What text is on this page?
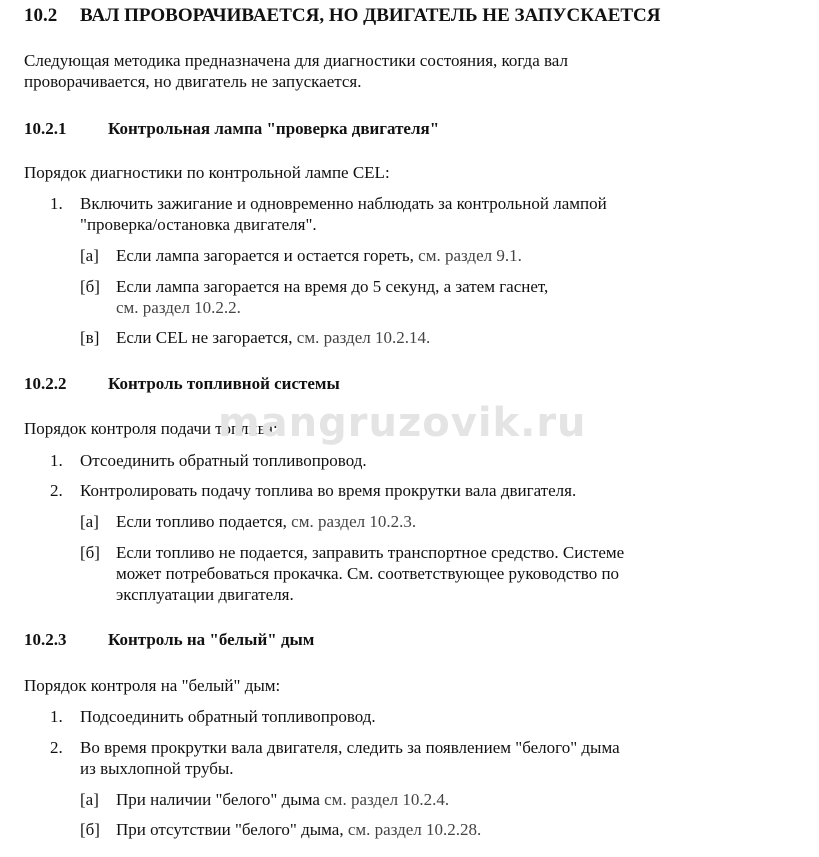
10.2 ВАЛ ПРОВОРАЧИВАЕТСЯ, НО ДВИГАТЕЛЬ НЕ ЗАПУСКАЕТСЯ
Следующая методика предназначена для диагностики состояния, когда вал
проворачивается, но двигатель не запускается.
10.2.1 Контрольная лампа "проверка двигателя"
Порядок диагностики по контрольной лампе CEL:
1. Включить зажигание и одновременно наблюдать за контрольной лампой
"проверка/остановка двигателя".
[а] Если лампа загорается и остается гореть, см. раздел 9.1.
[б] Если лампа загорается на время до 5 секунд, а затем гаснет,
см. раздел 10.2.2.
[в] Если CEL не загорается, см. раздел 10.2.14.
10.2.2 Контроль топливной системы
Порядок контроля подачи топлива:
1. Отсоединить обратный топливопровод.
2. Контролировать подачу топлива во время прокрутки вала двигателя.
[а] Если топливо подается, см. раздел 10.2.3.
[б] Если топливо не подается, заправить транспортное средство. Системе
может потребоваться прокачка. См. соответствующее руководство по
эксплуатации двигателя.
10.2.3 Контроль на "белый" дым
Порядок контроля на "белый" дым:
1. Подсоединить обратный топливопровод.
2. Во время прокрутки вала двигателя, следить за появлением "белого" дыма
из выхлопной трубы.
[а] При наличии "белого" дыма см. раздел 10.2.4.
[б] При отсутствии "белого" дыма, см. раздел 10.2.28.
mangruzovik.ru
